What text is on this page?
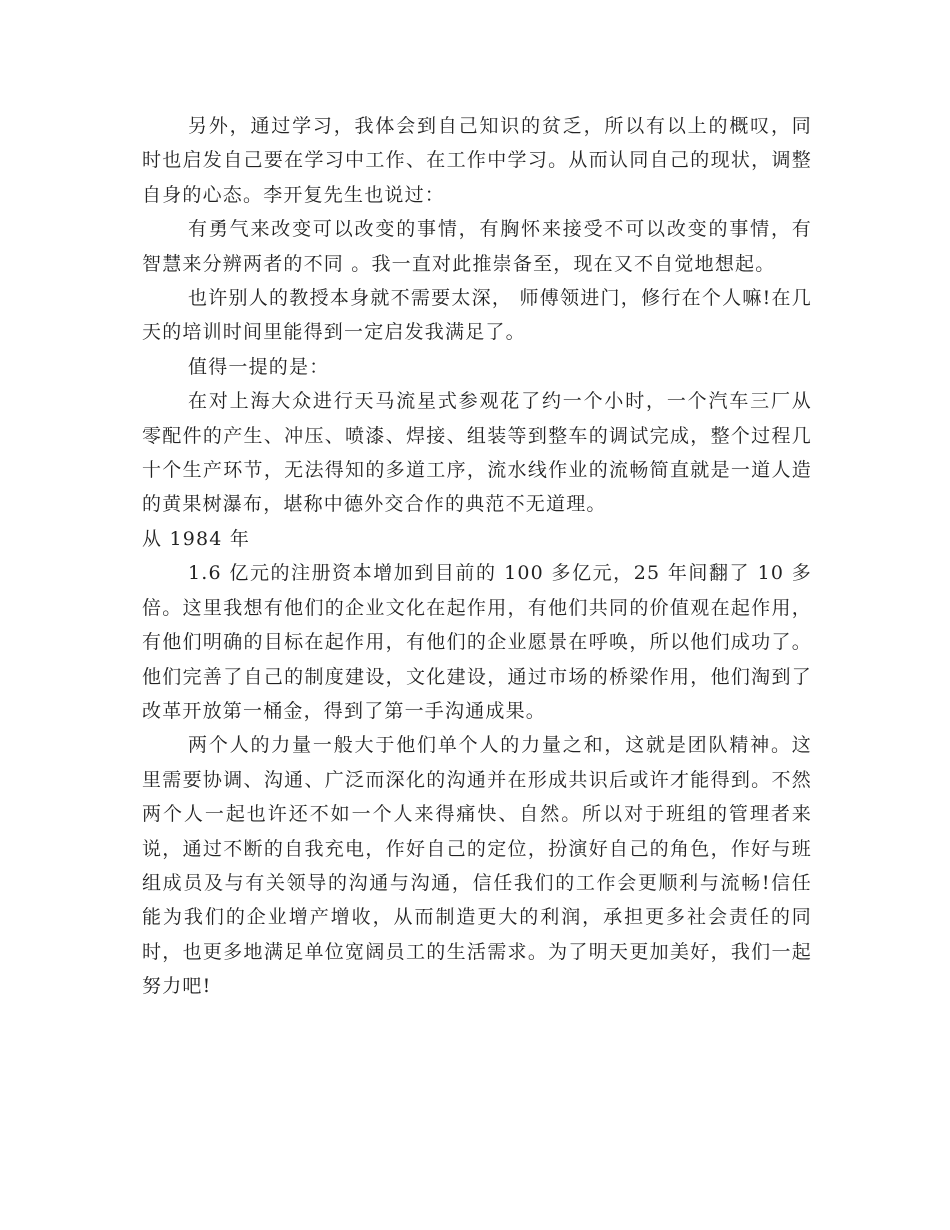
另外，通过学习，我体会到自己知识的贫乏，所以有以上的概叹，同时也启发自己要在学习中工作、在工作中学习。从而认同自己的现状，调整自身的心态。李开复先生也说过：

有勇气来改变可以改变的事情，有胸怀来接受不可以改变的事情，有智慧来分辨两者的不同 。我一直对此推崇备至，现在又不自觉地想起。

也许别人的教授本身就不需要太深， 师傅领进门，修行在个人嘛!在几天的培训时间里能得到一定启发我满足了。

值得一提的是：

在对上海大众进行天马流星式参观花了约一个小时，一个汽车三厂从零配件的产生、冲压、喷漆、焊接、组装等到整车的调试完成，整个过程几十个生产环节，无法得知的多道工序，流水线作业的流畅简直就是一道人造的黄果树瀑布，堪称中德外交合作的典范不无道理。

从 1984 年

1.6 亿元的注册资本增加到目前的 100 多亿元，25 年间翻了 10 多倍。这里我想有他们的企业文化在起作用，有他们共同的价值观在起作用，有他们明确的目标在起作用，有他们的企业愿景在呼唤，所以他们成功了。他们完善了自己的制度建设，文化建设，通过市场的桥梁作用，他们淘到了改革开放第一桶金，得到了第一手沟通成果。

两个人的力量一般大于他们单个人的力量之和，这就是团队精神。这里需要协调、沟通、广泛而深化的沟通并在形成共识后或许才能得到。不然两个人一起也许还不如一个人来得痛快、自然。所以对于班组的管理者来说，通过不断的自我充电，作好自己的定位，扮演好自己的角色，作好与班组成员及与有关领导的沟通与沟通，信任我们的工作会更顺利与流畅!信任能为我们的企业增产增收，从而制造更大的利润，承担更多社会责任的同时，也更多地满足单位宽阔员工的生活需求。为了明天更加美好，我们一起努力吧!
